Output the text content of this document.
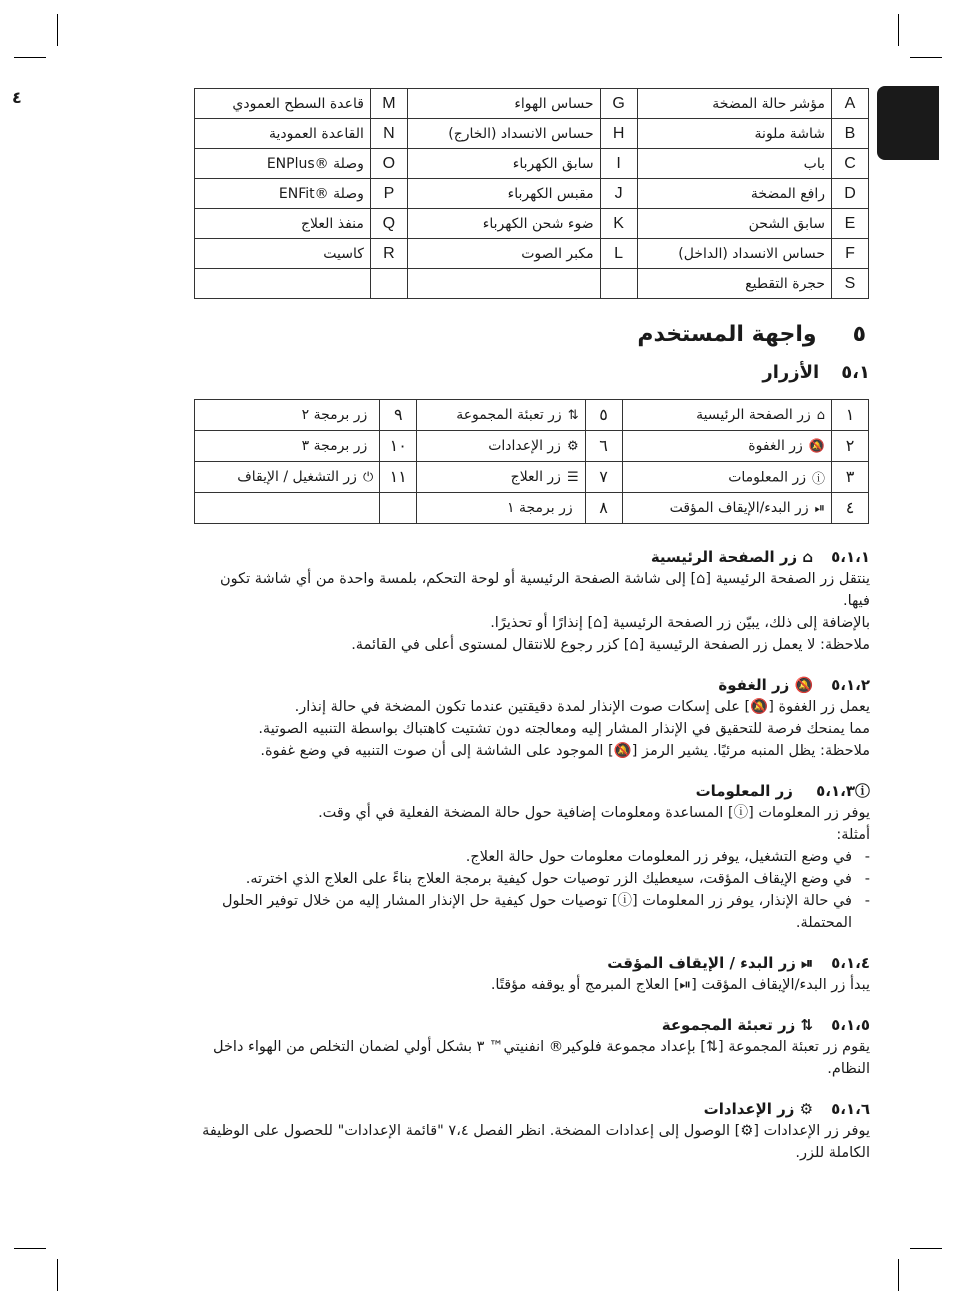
٤	A	مؤشر حالة المضخة	G	حساس الهواء	M	قاعدة السطح العمودي
B	شاشة ملونة	H	حساس الانسداد (الخارج)	N	القاعدة العمودية
C	باب	I	سابق الكهرباء	O	وصلة ®ENPlus
D	رافع المضخة	J	مقبس الكهرباء	P	وصلة ®ENFit
E	سابق الشحن	K	ضوء شحن الكهرباء	Q	منفذ العلاج
F	حساس الانسداد (الداخل)	L	مكبر الصوت	R	كاسيت
S	حجرة التقطيع				
٥واجهة المستخدم
٥،١الأزرار
١	⌂زر الصفحة الرئيسية	٥	⇅زر تعبئة المجموعة	٩	زر برمجة ٢
٢	🔕زر الغفوة	٦	⚙زر الإعدادات	١٠	زر برمجة ٣
٣	ⓘزر المعلومات	٧	☰زر العلاج	١١	⏻زر التشغيل / الإيقاف
٤	⏯زر البدء/الإيقاف المؤقت	٨	زر برمجة ١		
٥،١،١⌂ زر الصفحة الرئيسية

ينتقل زر الصفحة الرئيسية [⌂] إلى شاشة الصفحة الرئيسية أو لوحة التحكم، بلمسة واحدة من أي شاشة تكون فيها.

بالإضافة إلى ذلك، يبيّن زر الصفحة الرئيسية [⌂] إنذارًا أو تحذيرًا.

ملاحظة: لا يعمل زر الصفحة الرئيسية [⌂] كزر رجوع للانتقال لمستوى أعلى في القائمة.

٥،١،٢🔕 زر الغفوة

يعمل زر الغفوة [🔕] على إسكات صوت الإنذار لمدة دقيقتين عندما تكون المضخة في حالة إنذار.

مما يمنحك فرصة للتحقيق في الإنذار المشار إليه ومعالجته دون تشتيت كاهتباك بواسطة التنبيه الصوتية.

ملاحظة: يظل المنبه مرئيًا. يشير الرمز [🔕] الموجود على الشاشة إلى أن صوت التنبيه في وضع غفوة.

٥،١،٣ⓘ زر المعلومات

يوفر زر المعلومات [ⓘ] المساعدة ومعلومات إضافية حول حالة المضخة الفعلية في أي وقت.

أمثلة:

- في وضع التشغيل، يوفر زر المعلومات معلومات حول حالة العلاج.
- في وضع الإيقاف المؤقت، سيعطيك الزر توصيات حول كيفية برمجة العلاج بناءً على العلاج الذي اخترته.
- في حالة الإنذار، يوفر زر المعلومات [ⓘ] توصيات حول كيفية حل الإنذار المشار إليه من خلال توفير الحلول المحتملة.
٥،١،٤⏯ زر البدء / الإيقاف المؤقت

يبدأ زر البدء/الإيقاف المؤقت [⏯] العلاج المبرمج أو يوقفه مؤقتًا.

٥،١،٥⇅ زر تعبئة المجموعة

يقوم زر تعبئة المجموعة [⇅] بإعداد مجموعة فلوكير® انفنيتي™ ٣ بشكل أولي لضمان التخلص من الهواء داخل النظام.

٥،١،٦⚙ زر الإعدادات

يوفر زر الإعدادات [⚙] الوصول إلى إعدادات المضخة. انظر الفصل ٧،٤ "قائمة الإعدادات" للحصول على الوظيفة الكاملة للزر.
